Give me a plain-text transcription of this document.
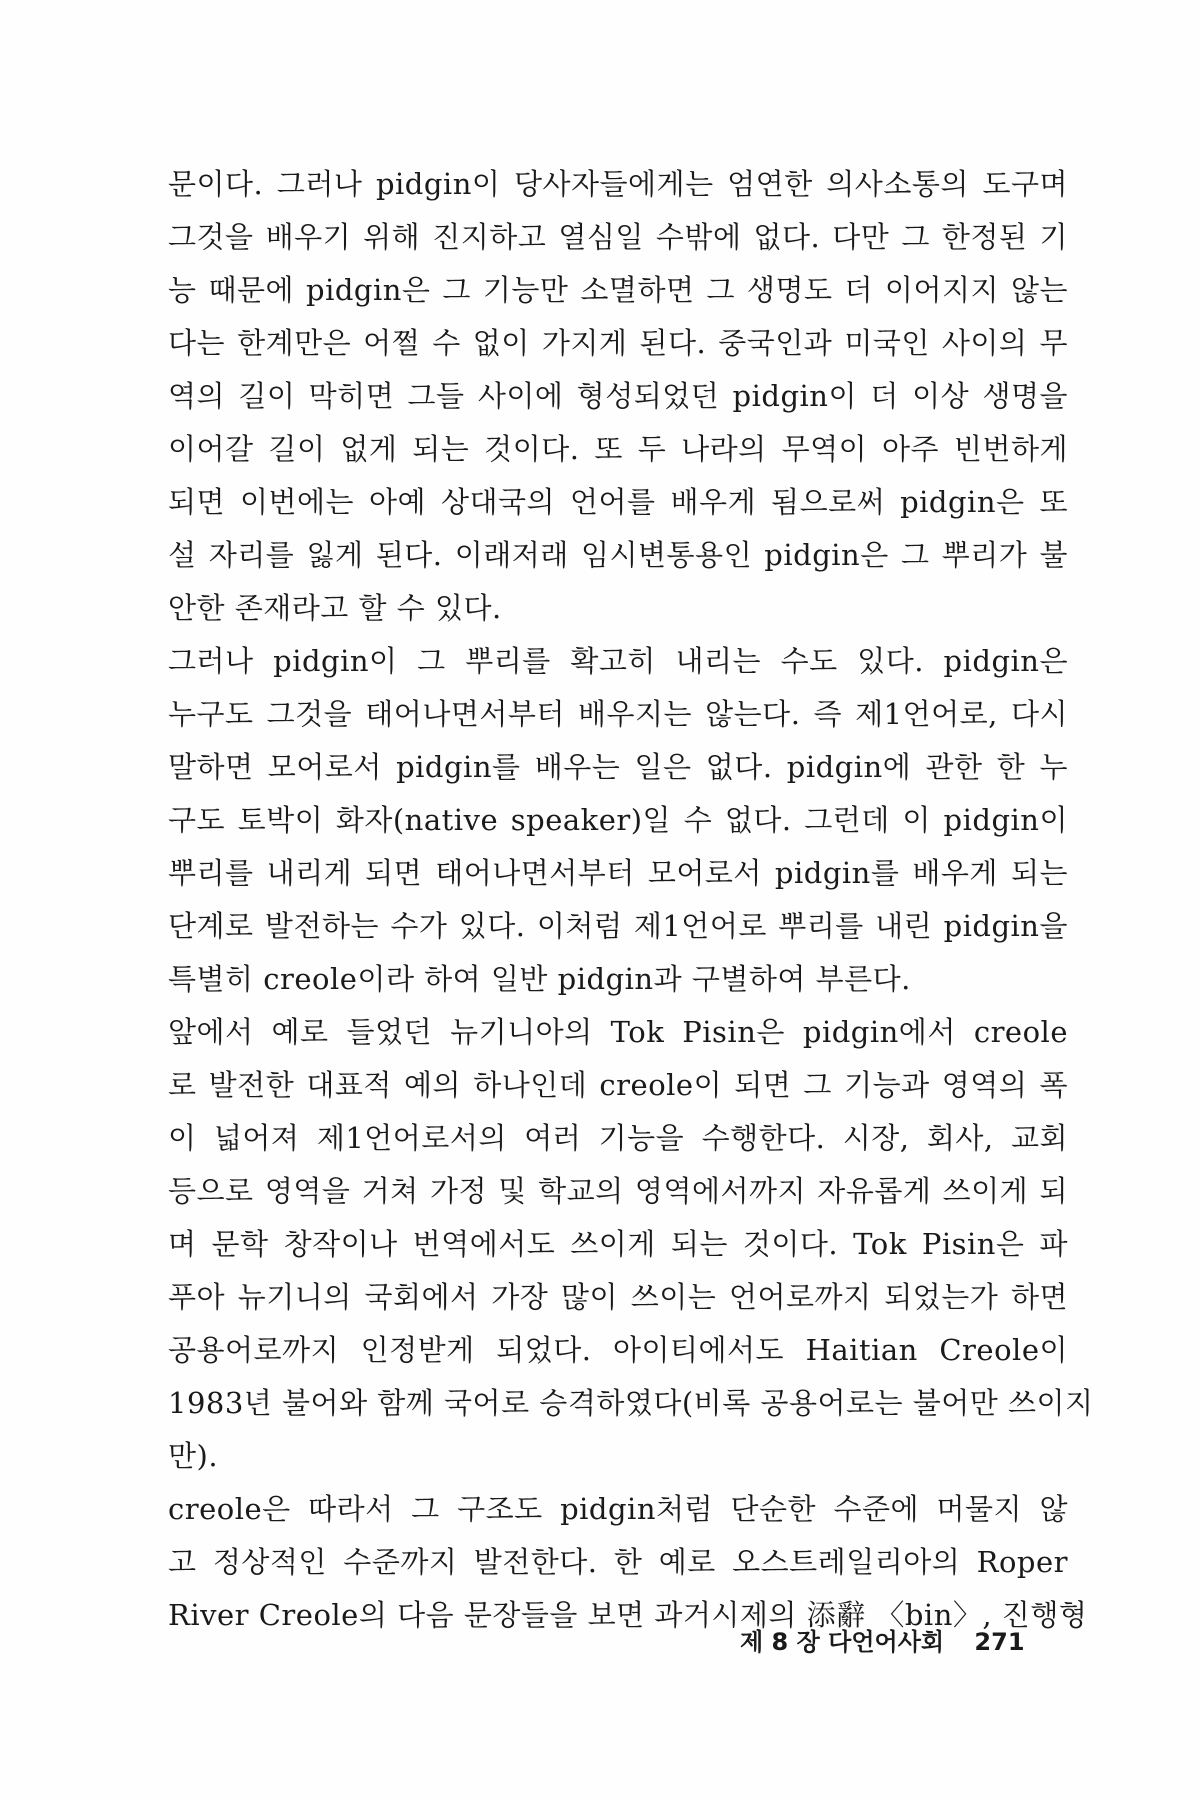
문이다. 그러나 pidgin이 당사자들에게는 엄연한 의사소통의 도구며
그것을 배우기 위해 진지하고 열심일 수밖에 없다. 다만 그 한정된 기
능 때문에 pidgin은 그 기능만 소멸하면 그 생명도 더 이어지지 않는
다는 한계만은 어쩔 수 없이 가지게 된다. 중국인과 미국인 사이의 무
역의 길이 막히면 그들 사이에 형성되었던 pidgin이 더 이상 생명을
이어갈 길이 없게 되는 것이다. 또 두 나라의 무역이 아주 빈번하게
되면 이번에는 아예 상대국의 언어를 배우게 됨으로써 pidgin은 또
설 자리를 잃게 된다. 이래저래 임시변통용인 pidgin은 그 뿌리가 불
안한 존재라고 할 수 있다.
그러나 pidgin이 그 뿌리를 확고히 내리는 수도 있다. pidgin은
누구도 그것을 태어나면서부터 배우지는 않는다. 즉 제1언어로, 다시
말하면 모어로서 pidgin를 배우는 일은 없다. pidgin에 관한 한 누
구도 토박이 화자(native speaker)일 수 없다. 그런데 이 pidgin이
뿌리를 내리게 되면 태어나면서부터 모어로서 pidgin를 배우게 되는
단계로 발전하는 수가 있다. 이처럼 제1언어로 뿌리를 내린 pidgin을
특별히 creole이라 하여 일반 pidgin과 구별하여 부른다.
앞에서 예로 들었던 뉴기니아의 Tok Pisin은 pidgin에서 creole
로 발전한 대표적 예의 하나인데 creole이 되면 그 기능과 영역의 폭
이 넓어져 제1언어로서의 여러 기능을 수행한다. 시장, 회사, 교회
등으로 영역을 거쳐 가정 및 학교의 영역에서까지 자유롭게 쓰이게 되
며 문학 창작이나 번역에서도 쓰이게 되는 것이다. Tok Pisin은 파
푸아 뉴기니의 국회에서 가장 많이 쓰이는 언어로까지 되었는가 하면
공용어로까지 인정받게 되었다. 아이티에서도 Haitian Creole이
1983년 불어와 함께 국어로 승격하였다(비록 공용어로는 불어만 쓰이지
만).
creole은 따라서 그 구조도 pidgin처럼 단순한 수준에 머물지 않
고 정상적인 수준까지 발전한다. 한 예로 오스트레일리아의 Roper
River Creole의 다음 문장들을 보면 과거시제의 添辭 〈bin〉, 진행형
제 8 장 다언어사회 271
